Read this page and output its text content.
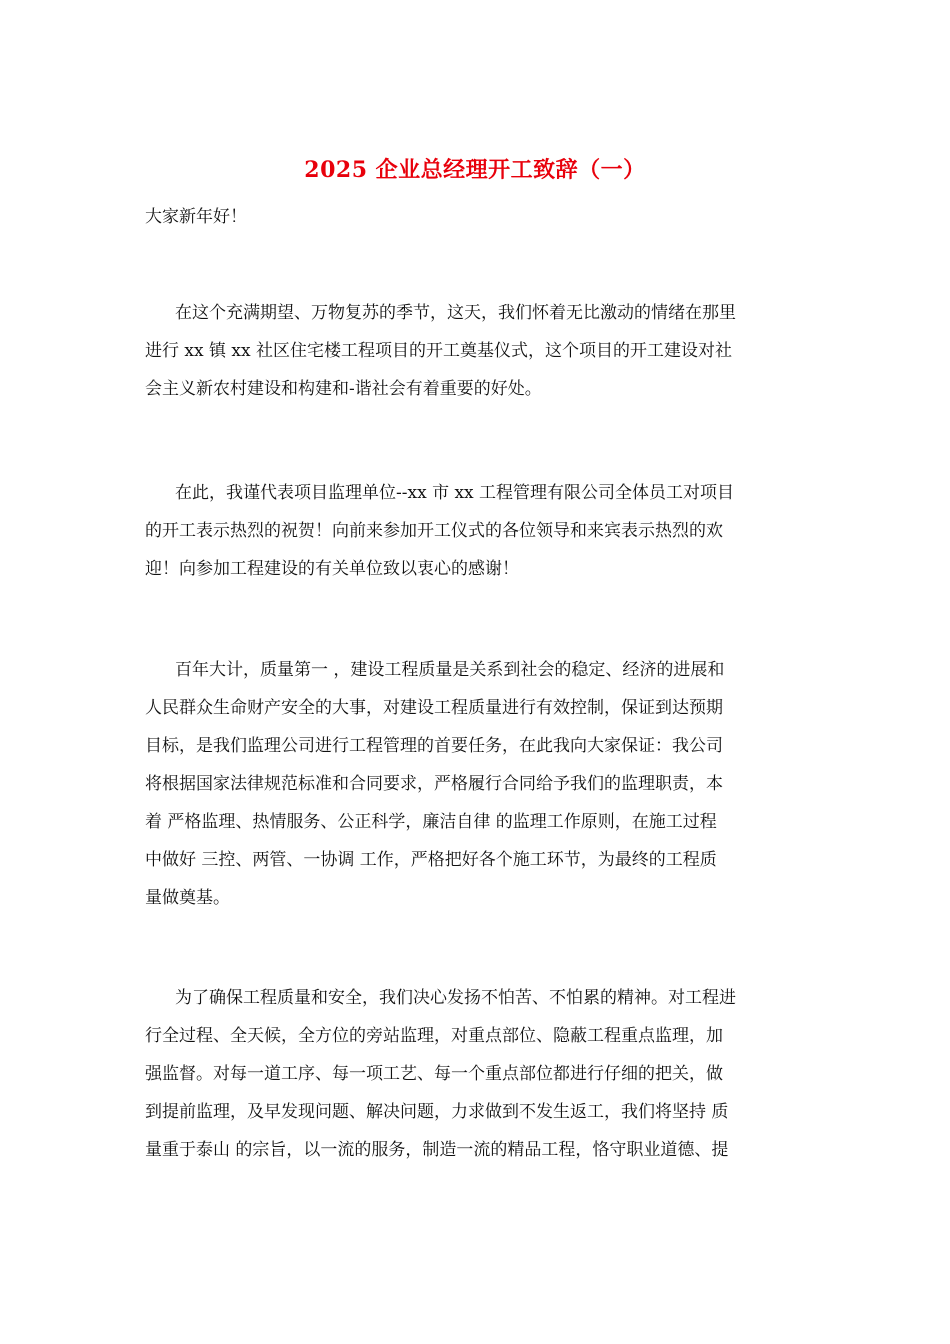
2025 企业总经理开工致辞（一）
大家新年好！
在这个充满期望、万物复苏的季节，这天，我们怀着无比激动的情绪在那里
进行 xx 镇 xx 社区住宅楼工程项目的开工奠基仪式，这个项目的开工建设对社
会主义新农村建设和构建和-谐社会有着重要的好处。
在此，我谨代表项目监理单位--xx 市 xx 工程管理有限公司全体员工对项目
的开工表示热烈的祝贺！向前来参加开工仪式的各位领导和来宾表示热烈的欢
迎！向参加工程建设的有关单位致以衷心的感谢！
百年大计，质量第一 ，建设工程质量是关系到社会的稳定、经济的进展和
人民群众生命财产安全的大事，对建设工程质量进行有效控制，保证到达预期
目标，是我们监理公司进行工程管理的首要任务，在此我向大家保证：我公司
将根据国家法律规范标准和合同要求，严格履行合同给予我们的监理职责，本
着 严格监理、热情服务、公正科学，廉洁自律 的监理工作原则，在施工过程
中做好 三控、两管、一协调 工作，严格把好各个施工环节，为最终的工程质
量做奠基。
为了确保工程质量和安全，我们决心发扬不怕苦、不怕累的精神。对工程进
行全过程、全天候，全方位的旁站监理，对重点部位、隐蔽工程重点监理，加
强监督。对每一道工序、每一项工艺、每一个重点部位都进行仔细的把关，做
到提前监理，及早发现问题、解决问题，力求做到不发生返工，我们将坚持 质
量重于泰山 的宗旨，以一流的服务，制造一流的精品工程，恪守职业道德、提
